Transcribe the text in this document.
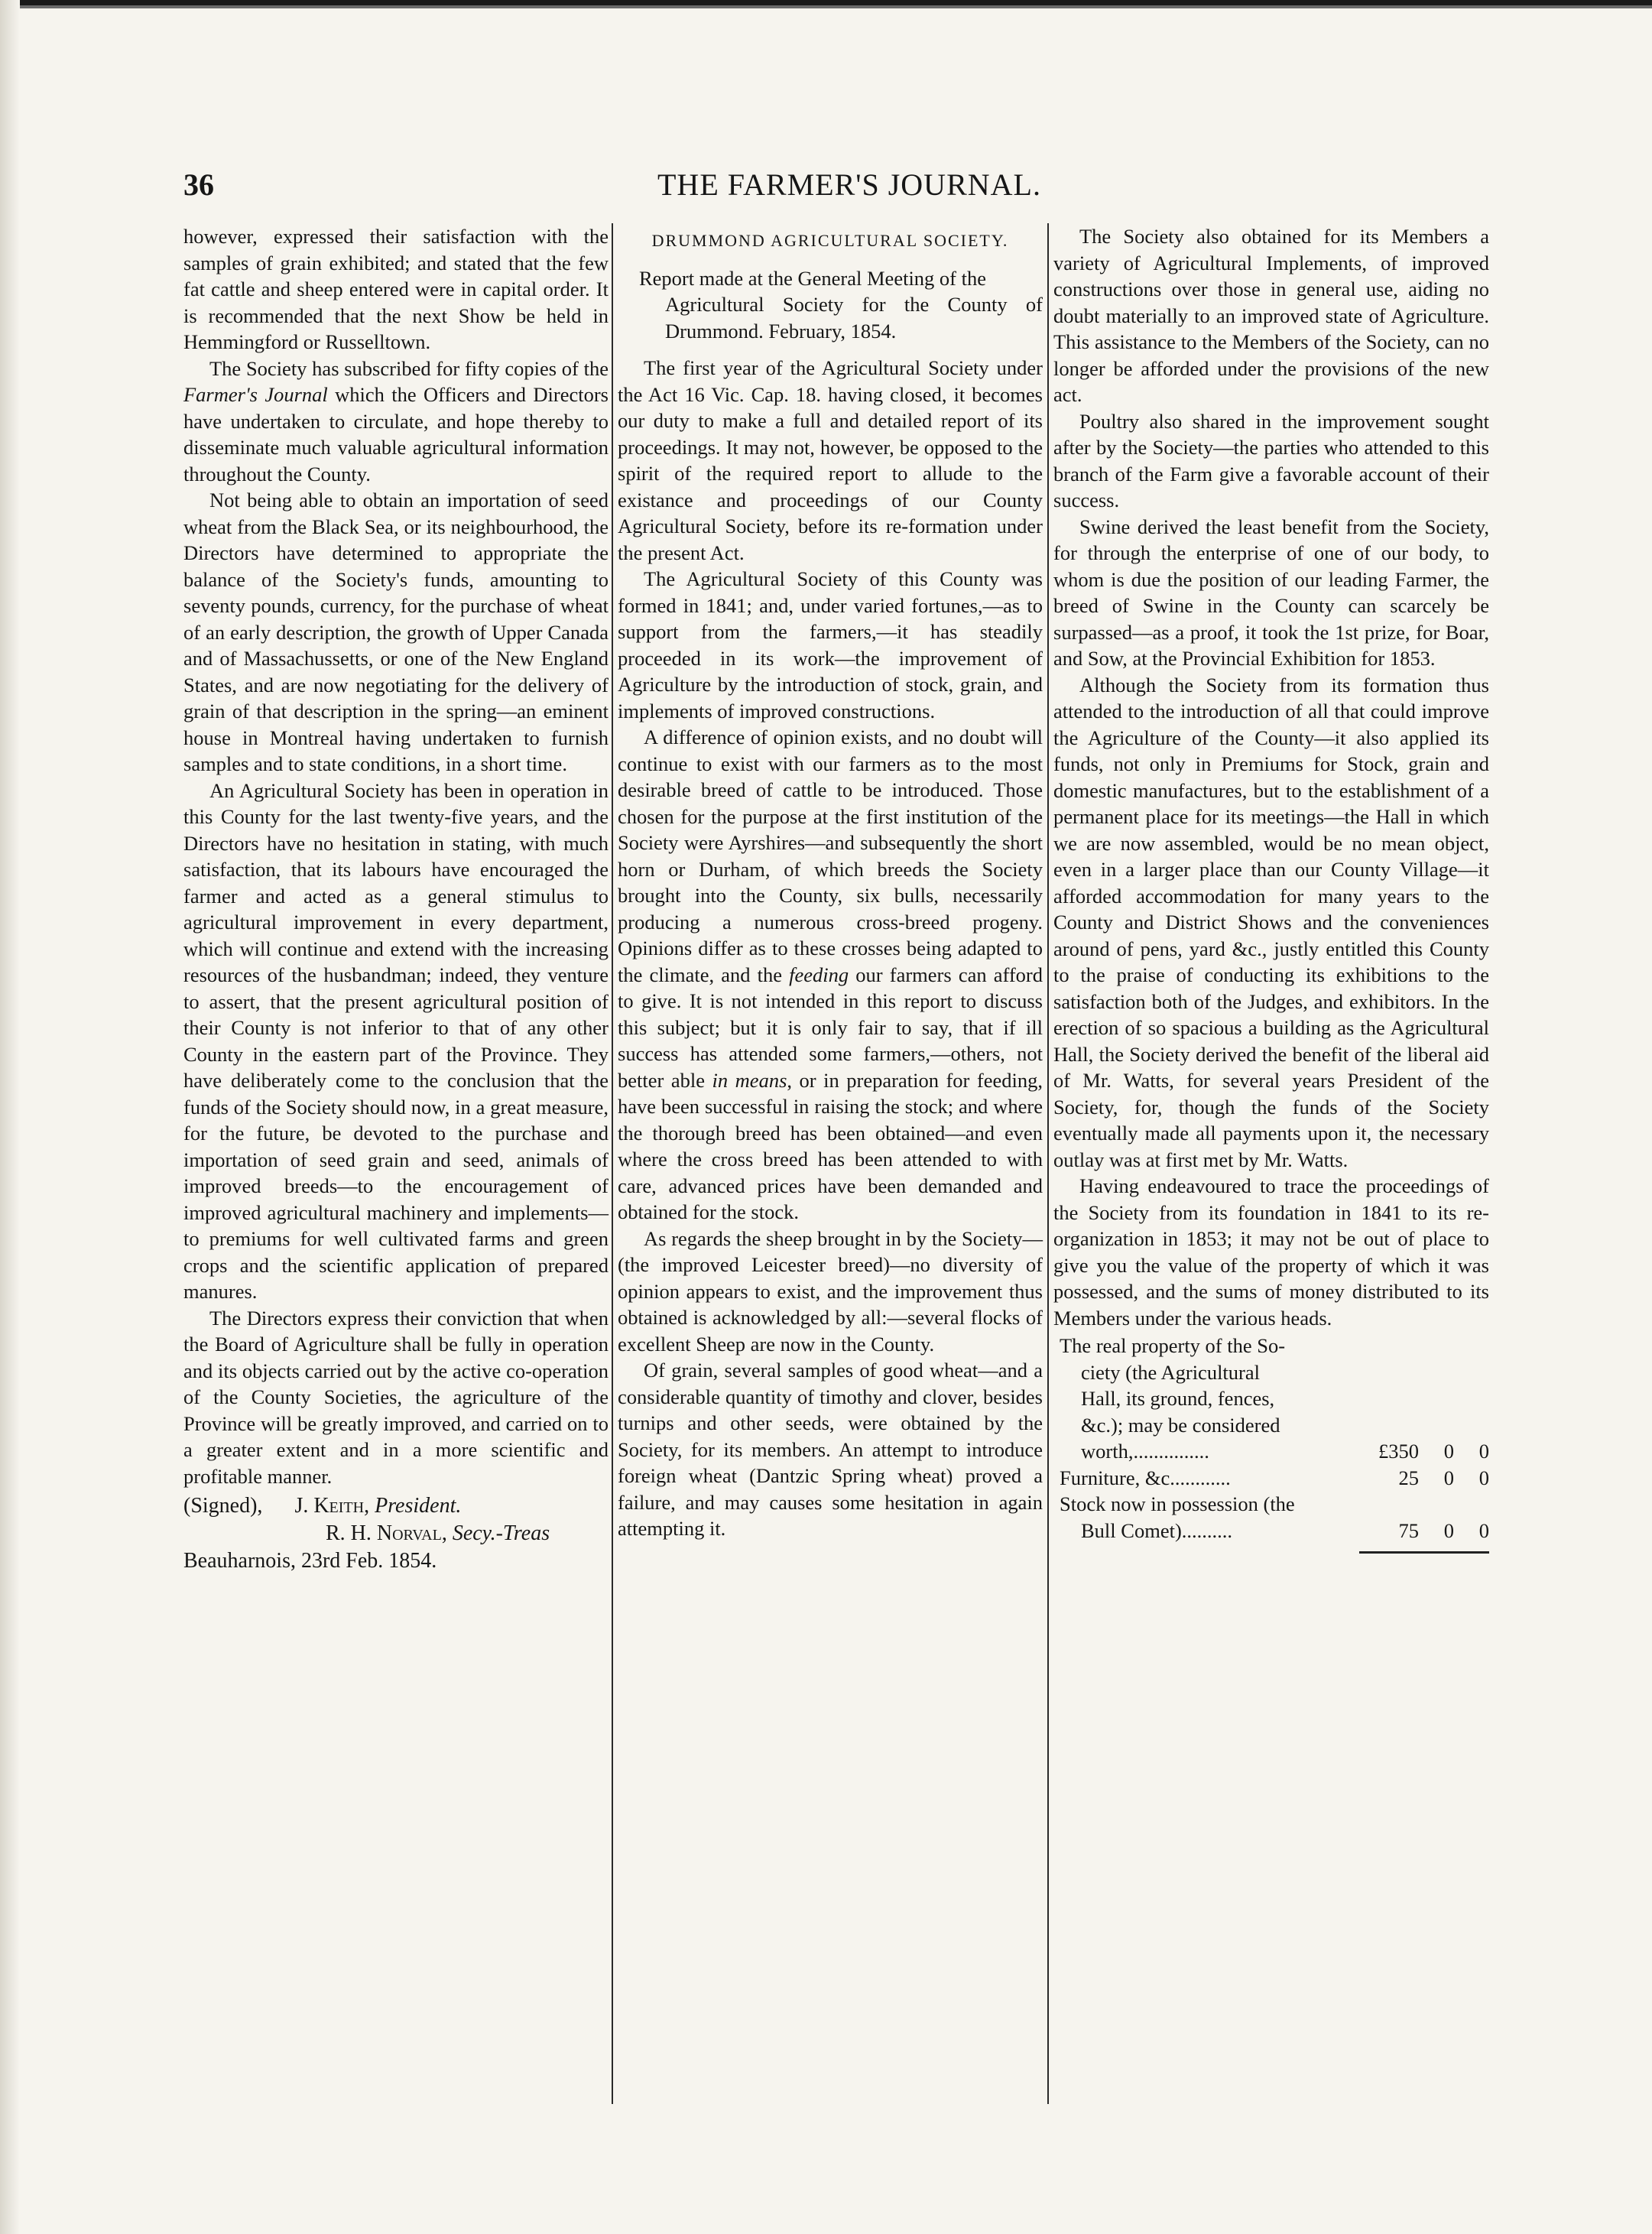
36	THE FARMER'S JOURNAL.

however, expressed their satisfaction with the samples of grain exhibited; and stated that the few fat cattle and sheep entered were in capital order. It is recommended that the next Show be held in Hemmingford or Russelltown.

The Society has subscribed for fifty copies of the Farmer's Journal which the Officers and Directors have undertaken to circulate, and hope thereby to disseminate much valuable agricultural information throughout the County.

Not being able to obtain an importation of seed wheat from the Black Sea, or its neighbourhood, the Directors have determined to appropriate the balance of the Society's funds, amounting to seventy pounds, currency, for the purchase of wheat of an early description, the growth of Upper Canada and of Massachussetts, or one of the New England States, and are now negotiating for the delivery of grain of that description in the spring—an eminent house in Montreal having undertaken to furnish samples and to state conditions, in a short time.

An Agricultural Society has been in operation in this County for the last twenty-five years, and the Directors have no hesitation in stating, with much satisfaction, that its labours have encouraged the farmer and acted as a general stimulus to agricultural improvement in every department, which will continue and extend with the increasing resources of the husbandman; indeed, they venture to assert, that the present agricultural position of their County is not inferior to that of any other County in the eastern part of the Province. They have deliberately come to the conclusion that the funds of the Society should now, in a great measure, for the future, be devoted to the purchase and importation of seed grain and seed, animals of improved breeds—to the encouragement of improved agricultural machinery and implements— to premiums for well cultivated farms and green crops and the scientific application of prepared manures.

The Directors express their conviction that when the Board of Agriculture shall be fully in operation and its objects carried out by the active co-operation of the County Societies, the agriculture of the Province will be greatly improved, and carried on to a greater extent and in a more scientific and profitable manner.

(Signed), J. Keith, President.

R. H. Norval, Secy.-Treas

Beauharnois, 23rd Feb. 1854.

DRUMMOND AGRICULTURAL SOCIETY.

Report made at the General Meeting of the
Agricultural Society for the County of Drummond. February, 1854.

The first year of the Agricultural Society under the Act 16 Vic. Cap. 18. having closed, it becomes our duty to make a full and detailed report of its proceedings. It may not, however, be opposed to the spirit of the required report to allude to the existance and proceedings of our County Agricultural Society, before its re-formation under the present Act.

The Agricultural Society of this County was formed in 1841; and, under varied fortunes,—as to support from the farmers,—it has steadily proceeded in its work—the improvement of Agriculture by the introduction of stock, grain, and implements of improved constructions.

A difference of opinion exists, and no doubt will continue to exist with our farmers as to the most desirable breed of cattle to be introduced. Those chosen for the purpose at the first institution of the Society were Ayrshires—and subsequently the short horn or Durham, of which breeds the Society brought into the County, six bulls, necessarily producing a numerous cross-breed progeny. Opinions differ as to these crosses being adapted to the climate, and the feeding our farmers can afford to give. It is not intended in this report to discuss this subject; but it is only fair to say, that if ill success has attended some farmers,—others, not better able in means, or in preparation for feeding, have been successful in raising the stock; and where the thorough breed has been obtained—and even where the cross breed has been attended to with care, advanced prices have been demanded and obtained for the stock.

As regards the sheep brought in by the Society—(the improved Leicester breed)—no diversity of opinion appears to exist, and the improvement thus obtained is acknowledged by all:—several flocks of excellent Sheep are now in the County.

Of grain, several samples of good wheat—and a considerable quantity of timothy and clover, besides turnips and other seeds, were obtained by the Society, for its members. An attempt to introduce foreign wheat (Dantzic Spring wheat) proved a failure, and may causes some hesitation in again attempting it.

The Society also obtained for its Members a variety of Agricultural Implements, of improved constructions over those in general use, aiding no doubt materially to an improved state of Agriculture. This assistance to the Members of the Society, can no longer be afforded under the provisions of the new act.

Poultry also shared in the improvement sought after by the Society—the parties who attended to this branch of the Farm give a favorable account of their success.

Swine derived the least benefit from the Society, for through the enterprise of one of our body, to whom is due the position of our leading Farmer, the breed of Swine in the County can scarcely be surpassed—as a proof, it took the 1st prize, for Boar, and Sow, at the Provincial Exhibition for 1853.

Although the Society from its formation thus attended to the introduction of all that could improve the Agriculture of the County—it also applied its funds, not only in Premiums for Stock, grain and domestic manufactures, but to the establishment of a permanent place for its meetings—the Hall in which we are now assembled, would be no mean object, even in a larger place than our County Village—it afforded accommodation for many years to the County and District Shows and the conveniences around of pens, yard &c., justly entitled this County to the praise of conducting its exhibitions to the satisfaction both of the Judges, and exhibitors. In the erection of so spacious a building as the Agricultural Hall, the Society derived the benefit of the liberal aid of Mr. Watts, for several years President of the Society, for, though the funds of the Society eventually made all payments upon it, the necessary outlay was at first met by Mr. Watts.

Having endeavoured to trace the proceedings of the Society from its foundation in 1841 to its re-organization in 1853; it may not be out of place to give you the value of the property of which it was possessed, and the sums of money distributed to its Members under the various heads.

The real property of the So-
ciety (the Agricultural Hall, its ground, fences, &c.); may be considered worth,...............	£350	0	0
Furniture, &c............	25	0	0
Stock now in possession (the
Bull Comet)..........	75	0	0
